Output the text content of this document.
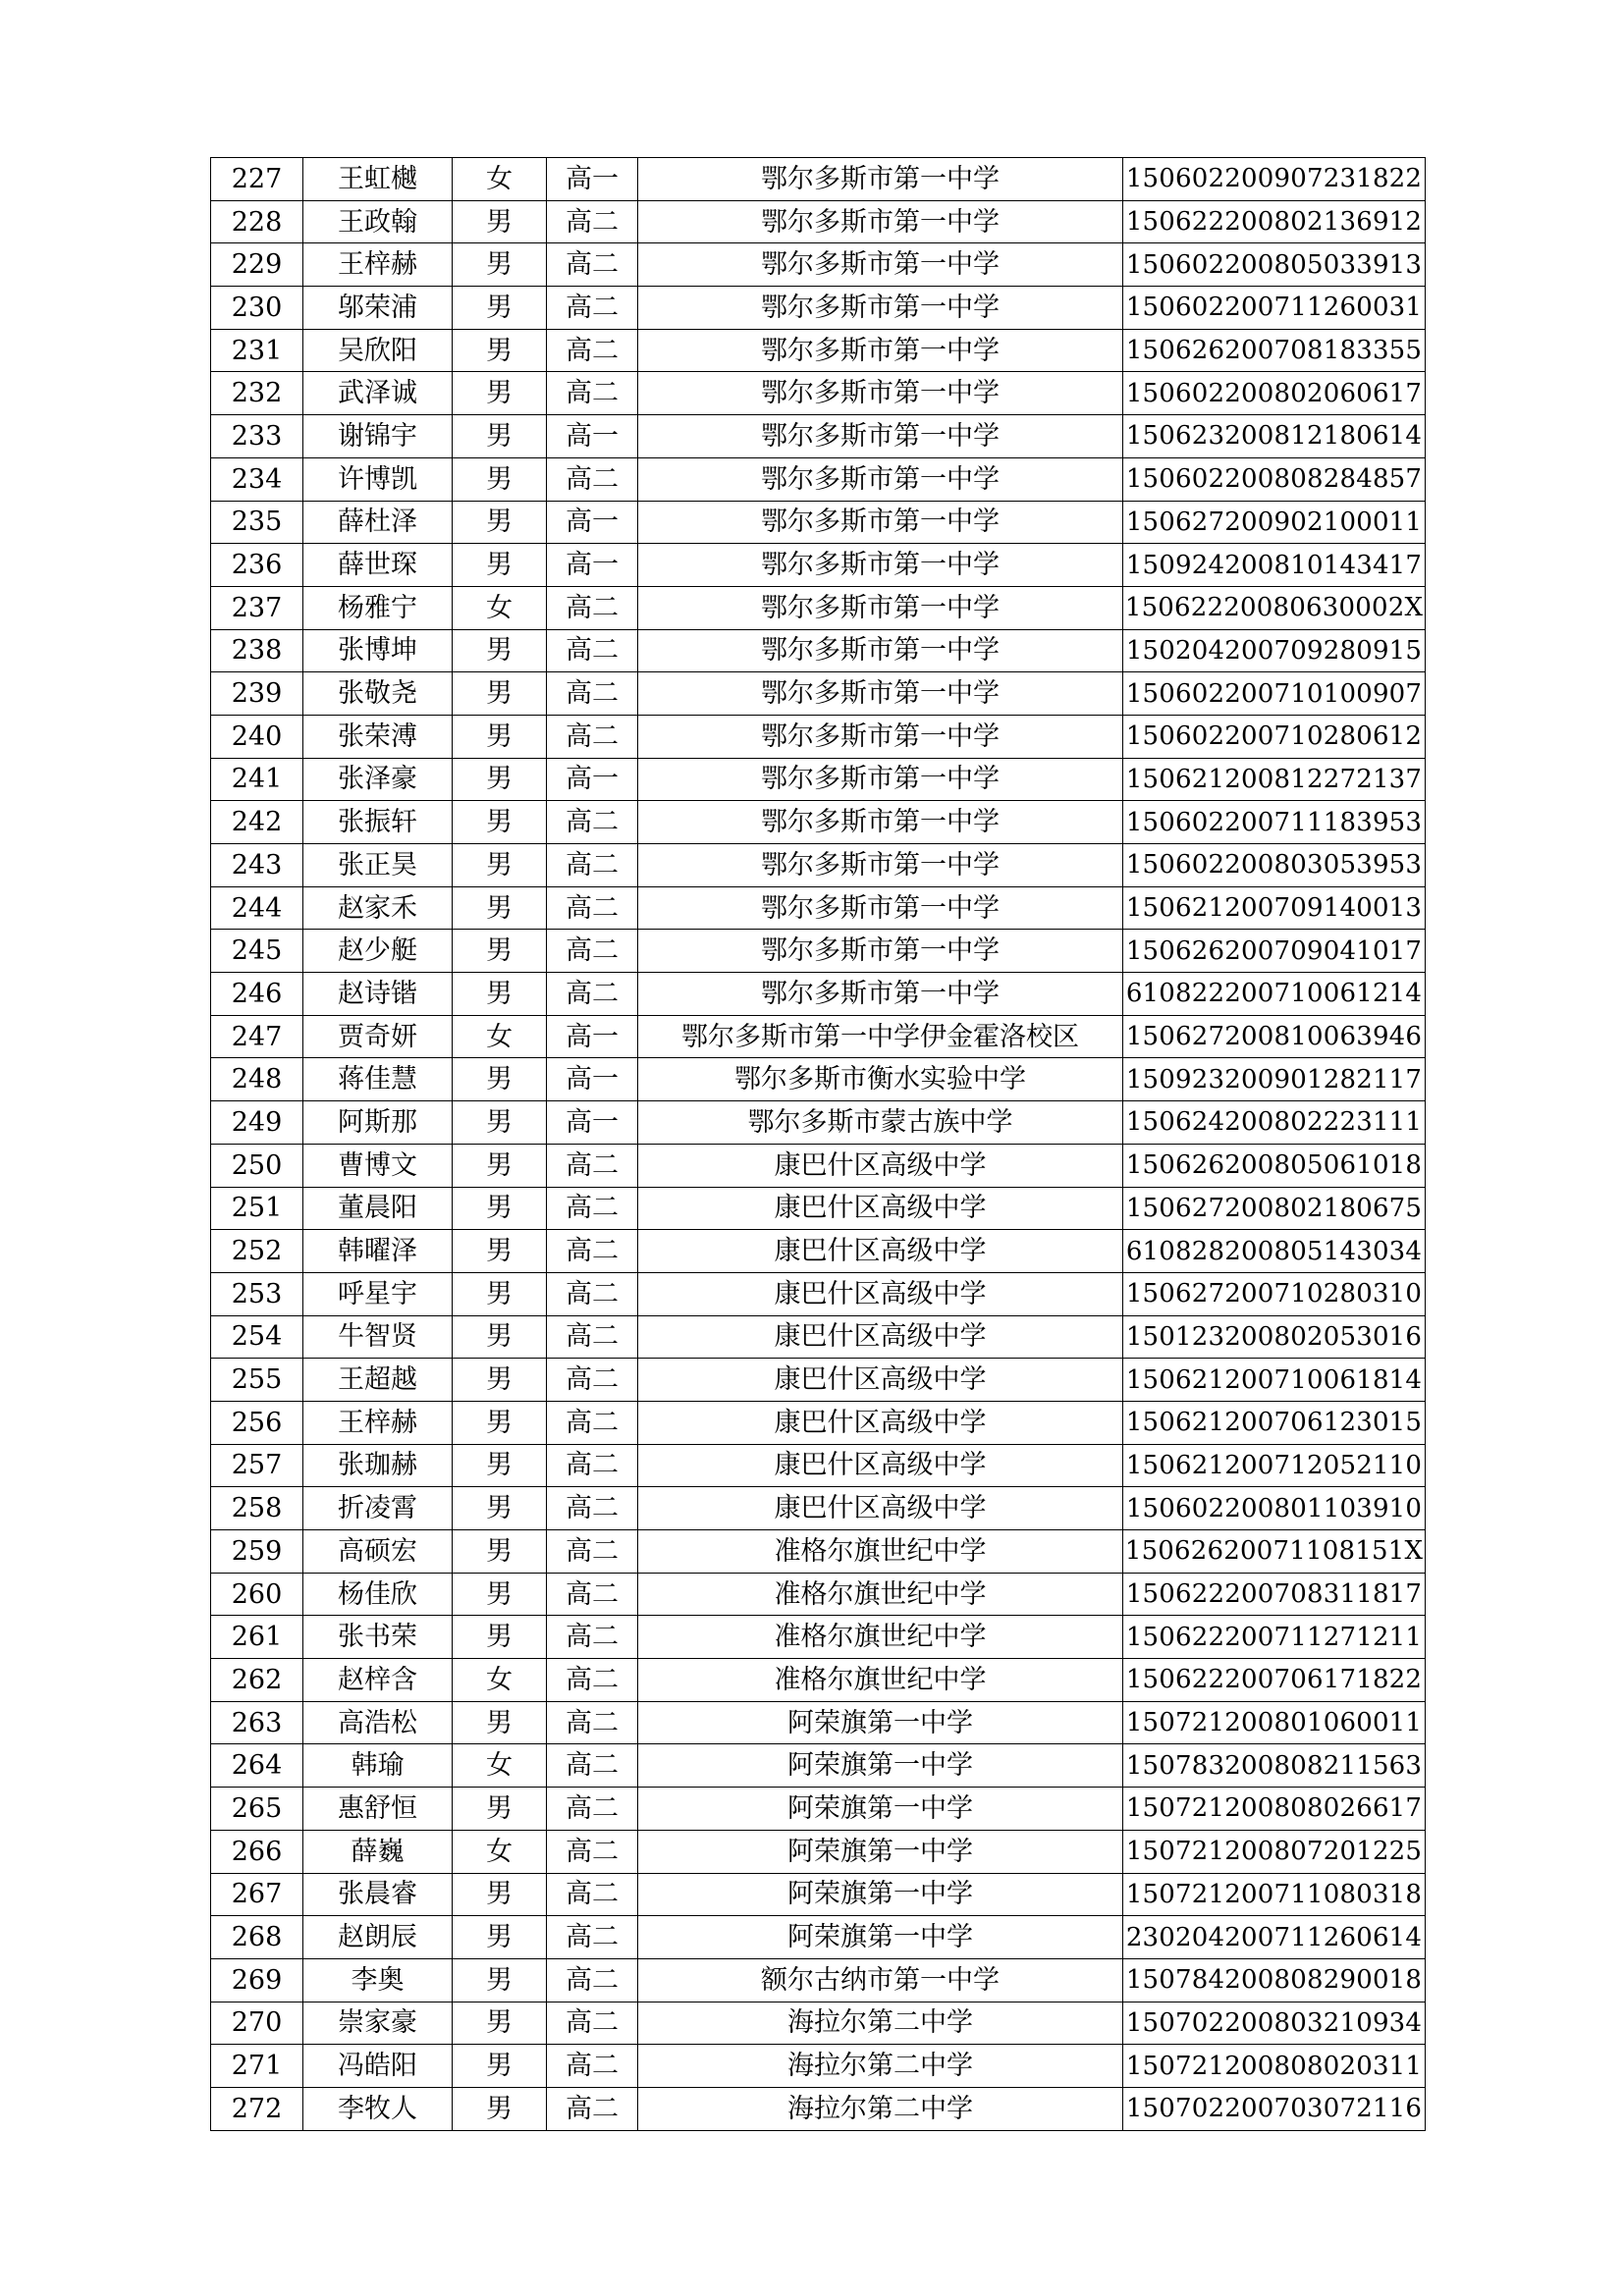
227	王虹樾	女	高一	鄂尔多斯市第一中学	150602200907231822
228	王政翰	男	高二	鄂尔多斯市第一中学	150622200802136912
229	王梓赫	男	高二	鄂尔多斯市第一中学	150602200805033913
230	邬荣浦	男	高二	鄂尔多斯市第一中学	150602200711260031
231	吴欣阳	男	高二	鄂尔多斯市第一中学	150626200708183355
232	武泽诚	男	高二	鄂尔多斯市第一中学	150602200802060617
233	谢锦宇	男	高一	鄂尔多斯市第一中学	150623200812180614
234	许博凯	男	高二	鄂尔多斯市第一中学	150602200808284857
235	薛杜泽	男	高一	鄂尔多斯市第一中学	150627200902100011
236	薛世琛	男	高一	鄂尔多斯市第一中学	150924200810143417
237	杨雅宁	女	高二	鄂尔多斯市第一中学	15062220080630002X
238	张博坤	男	高二	鄂尔多斯市第一中学	150204200709280915
239	张敬尧	男	高二	鄂尔多斯市第一中学	150602200710100907
240	张荣溥	男	高二	鄂尔多斯市第一中学	150602200710280612
241	张泽豪	男	高一	鄂尔多斯市第一中学	150621200812272137
242	张振轩	男	高二	鄂尔多斯市第一中学	150602200711183953
243	张正昊	男	高二	鄂尔多斯市第一中学	150602200803053953
244	赵家禾	男	高二	鄂尔多斯市第一中学	150621200709140013
245	赵少艇	男	高二	鄂尔多斯市第一中学	150626200709041017
246	赵诗锴	男	高二	鄂尔多斯市第一中学	610822200710061214
247	贾奇妍	女	高一	鄂尔多斯市第一中学伊金霍洛校区	150627200810063946
248	蒋佳慧	男	高一	鄂尔多斯市衡水实验中学	150923200901282117
249	阿斯那	男	高一	鄂尔多斯市蒙古族中学	150624200802223111
250	曹博文	男	高二	康巴什区高级中学	150626200805061018
251	董晨阳	男	高二	康巴什区高级中学	150627200802180675
252	韩曜泽	男	高二	康巴什区高级中学	610828200805143034
253	呼星宇	男	高二	康巴什区高级中学	150627200710280310
254	牛智贤	男	高二	康巴什区高级中学	150123200802053016
255	王超越	男	高二	康巴什区高级中学	150621200710061814
256	王梓赫	男	高二	康巴什区高级中学	150621200706123015
257	张珈赫	男	高二	康巴什区高级中学	150621200712052110
258	折凌霄	男	高二	康巴什区高级中学	150602200801103910
259	高硕宏	男	高二	准格尔旗世纪中学	15062620071108151X
260	杨佳欣	男	高二	准格尔旗世纪中学	150622200708311817
261	张书荣	男	高二	准格尔旗世纪中学	150622200711271211
262	赵梓含	女	高二	准格尔旗世纪中学	150622200706171822
263	高浩松	男	高二	阿荣旗第一中学	150721200801060011
264	韩瑜	女	高二	阿荣旗第一中学	150783200808211563
265	惠舒恒	男	高二	阿荣旗第一中学	150721200808026617
266	薛巍	女	高二	阿荣旗第一中学	150721200807201225
267	张晨睿	男	高二	阿荣旗第一中学	150721200711080318
268	赵朗辰	男	高二	阿荣旗第一中学	230204200711260614
269	李奥	男	高二	额尔古纳市第一中学	150784200808290018
270	崇家豪	男	高二	海拉尔第二中学	150702200803210934
271	冯皓阳	男	高二	海拉尔第二中学	150721200808020311
272	李牧人	男	高二	海拉尔第二中学	150702200703072116
